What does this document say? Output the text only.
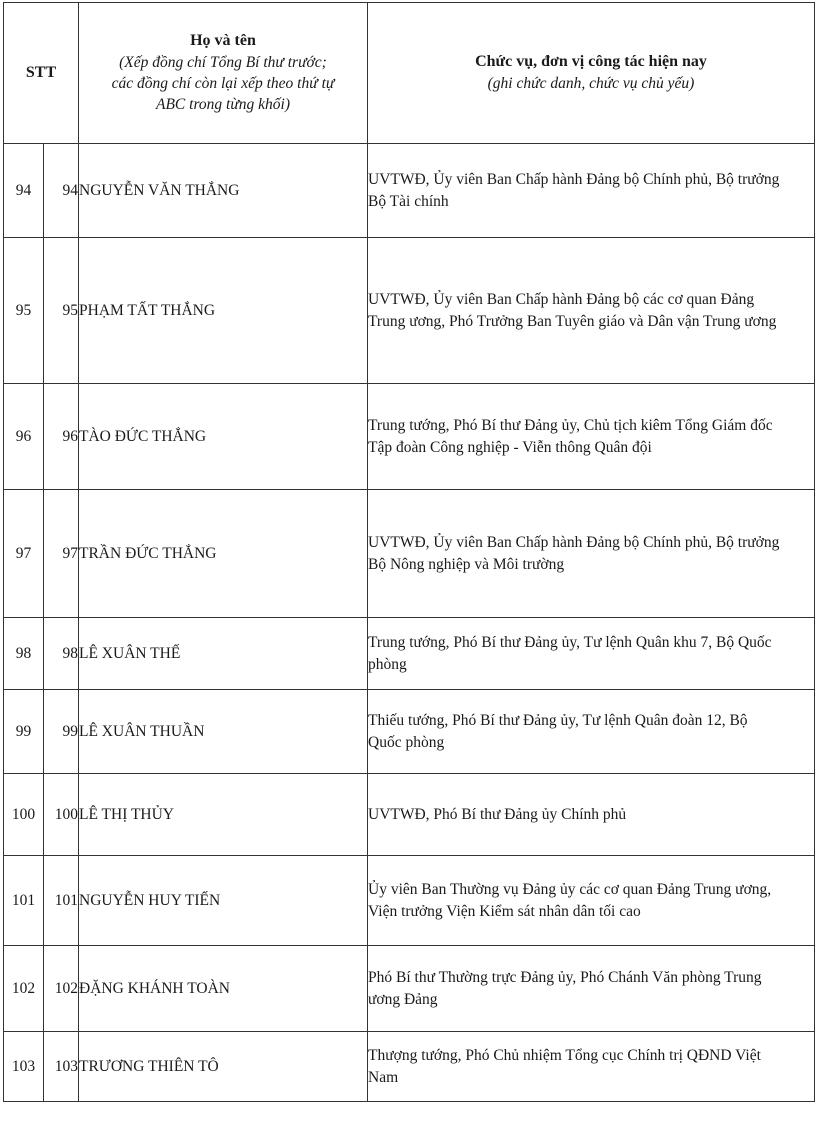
STT		Họ và tên
(Xếp đồng chí Tổng Bí thư trước;
các đồng chí còn lại xếp theo thứ tự
ABC trong từng khối)	Chức vụ, đơn vị công tác hiện nay
(ghi chức danh, chức vụ chủ yếu)

94	94	NGUYỄN VĂN THẮNG	UVTWĐ, Ủy viên Ban Chấp hành Đảng bộ Chính phủ, Bộ trưởng
Bộ Tài chính
95	95	PHẠM TẤT THẮNG	UVTWĐ, Ủy viên Ban Chấp hành Đảng bộ các cơ quan Đảng
Trung ương, Phó Trưởng Ban Tuyên giáo và Dân vận Trung ương
96	96	TÀO ĐỨC THẮNG	Trung tướng, Phó Bí thư Đảng ủy, Chủ tịch kiêm Tổng Giám đốc
Tập đoàn Công nghiệp - Viễn thông Quân đội
97	97	TRẦN ĐỨC THẮNG	UVTWĐ, Ủy viên Ban Chấp hành Đảng bộ Chính phủ, Bộ trưởng
Bộ Nông nghiệp và Môi trường
98	98	LÊ XUÂN THẾ	Trung tướng, Phó Bí thư Đảng ủy, Tư lệnh Quân khu 7, Bộ Quốc
phòng
99	99	LÊ XUÂN THUẦN	Thiếu tướng, Phó Bí thư Đảng ủy, Tư lệnh Quân đoàn 12, Bộ
Quốc phòng
100	100	LÊ THỊ THỦY	UVTWĐ, Phó Bí thư Đảng ủy Chính phủ
101	101	NGUYỄN HUY TIẾN	Ủy viên Ban Thường vụ Đảng ủy các cơ quan Đảng Trung ương,
Viện trưởng Viện Kiểm sát nhân dân tối cao
102	102	ĐẶNG KHÁNH TOÀN	Phó Bí thư Thường trực Đảng ủy, Phó Chánh Văn phòng Trung
ương Đảng
103	103	TRƯƠNG THIÊN TÔ	Thượng tướng, Phó Chủ nhiệm Tổng cục Chính trị QĐND Việt
Nam
